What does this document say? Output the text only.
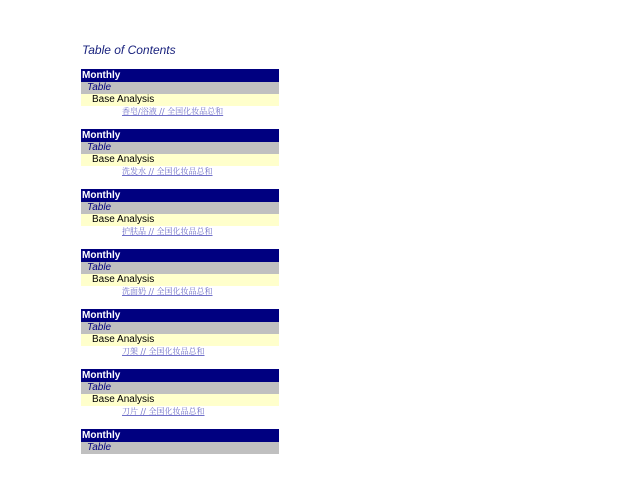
Table of Contents
Monthly
Table
Base Analysis
香皂/浴液 // 全国化妆品总和
Monthly
Table
Base Analysis
洗发水 // 全国化妆品总和
Monthly
Table
Base Analysis
护肤品 // 全国化妆品总和
Monthly
Table
Base Analysis
洗面奶 // 全国化妆品总和
Monthly
Table
Base Analysis
刀架 // 全国化妆品总和
Monthly
Table
Base Analysis
刀片 // 全国化妆品总和
Monthly
Table
